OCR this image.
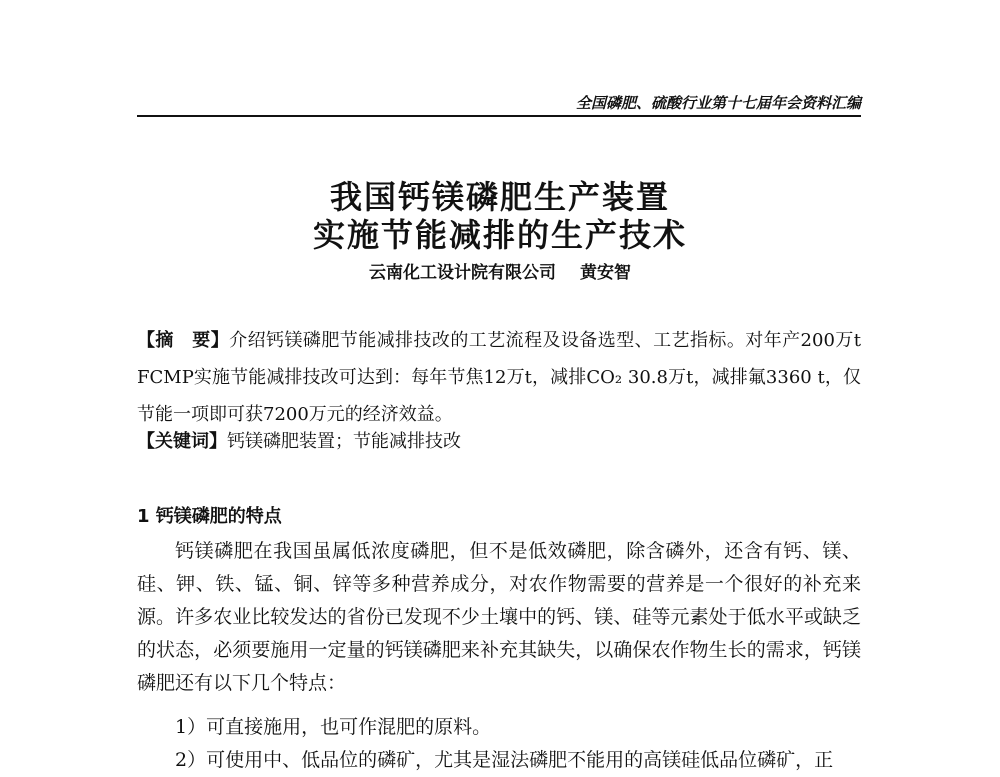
全国磷肥、硫酸行业第十七届年会资料汇编
我国钙镁磷肥生产装置
实施节能减排的生产技术
云南化工设计院有限公司 黄安智
【摘　要】介绍钙镁磷肥节能减排技改的工艺流程及设备选型、工艺指标。对年产200万t FCMP实施节能减排技改可达到：每年节焦12万t，减排CO₂ 30.8万t，减排氟3360 t，仅节能一项即可获7200万元的经济效益。
【关键词】钙镁磷肥装置；节能减排技改
1 钙镁磷肥的特点
钙镁磷肥在我国虽属低浓度磷肥，但不是低效磷肥，除含磷外，还含有钙、镁、硅、钾、铁、锰、铜、锌等多种营养成分，对农作物需要的营养是一个很好的补充来源。许多农业比较发达的省份已发现不少土壤中的钙、镁、硅等元素处于低水平或缺乏的状态，必须要施用一定量的钙镁磷肥来补充其缺失，以确保农作物生长的需求，钙镁磷肥还有以下几个特点：
1）可直接施用，也可作混肥的原料。
2）可使用中、低品位的磷矿，尤其是湿法磷肥不能用的高镁硅低品位磷矿，正
